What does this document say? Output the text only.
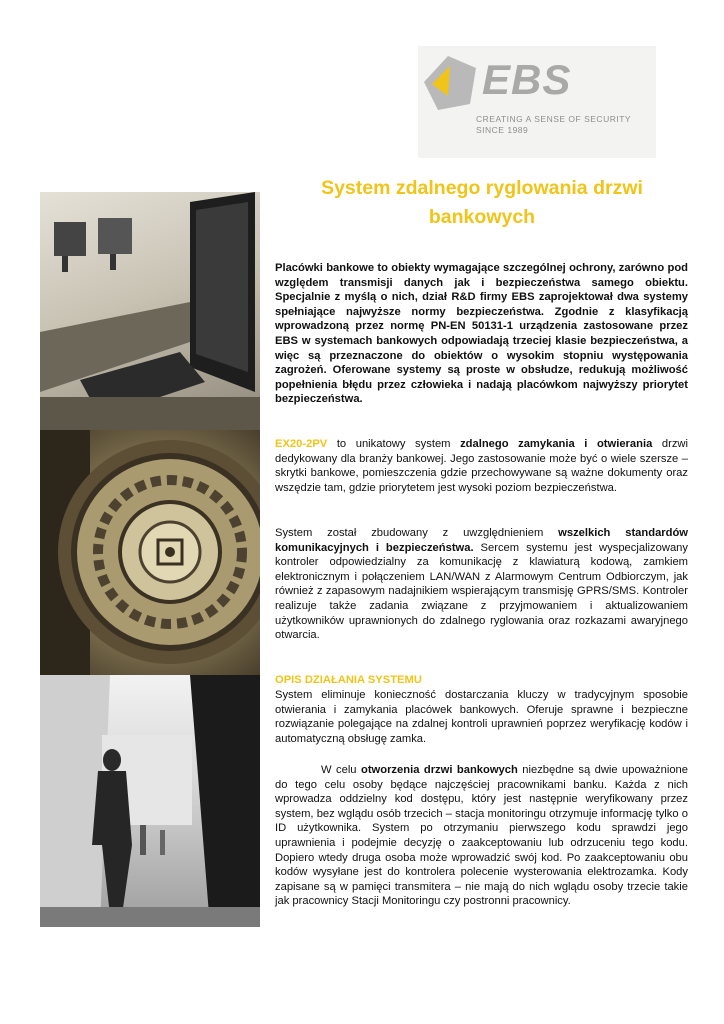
EBS
CREATING A SENSE OF SECURITY
SINCE 1989
System zdalnego ryglowania drzwi bankowych

Placówki bankowe to obiekty wymagające szczególnej ochrony, zarówno pod względem transmisji danych jak i bezpieczeństwa samego obiektu. Specjalnie z myślą o nich, dział R&D firmy EBS zaprojektował dwa systemy spełniające najwyższe normy bezpieczeństwa. Zgodnie z klasyfikacją wprowadzoną przez normę PN-EN 50131-1 urządzenia zastosowane przez EBS w systemach bankowych odpowiadają trzeciej klasie bezpieczeństwa, a więc są przeznaczone do obiektów o wysokim stopniu występowania zagrożeń. Oferowane systemy są proste w obsłudze, redukują możliwość popełnienia błędu przez człowieka i nadają placówkom najwyższy priorytet bezpieczeństwa.

EX20-2PV to unikatowy system zdalnego zamykania i otwierania drzwi dedykowany dla branży bankowej. Jego zastosowanie może być o wiele szersze – skrytki bankowe, pomieszczenia gdzie przechowywane są ważne dokumenty oraz wszędzie tam, gdzie priorytetem jest wysoki poziom bezpieczeństwa.

System został zbudowany z uwzględnieniem wszelkich standardów komunikacyjnych i bezpieczeństwa. Sercem systemu jest wyspecjalizowany kontroler odpowiedzialny za komunikację z klawiaturą kodową, zamkiem elektronicznym i połączeniem LAN/WAN z Alarmowym Centrum Odbiorczym, jak również z zapasowym nadajnikiem wspierającym transmisję GPRS/SMS. Kontroler realizuje także zadania związane z przyjmowaniem i aktualizowaniem użytkowników uprawnionych do zdalnego ryglowania oraz rozkazami awaryjnego otwarcia.

OPIS DZIAŁANIA SYSTEMU

System eliminuje konieczność dostarczania kluczy w tradycyjnym sposobie otwierania i zamykania placówek bankowych. Oferuje sprawne i bezpieczne rozwiązanie polegające na zdalnej kontroli uprawnień poprzez weryfikację kodów i automatyczną obsługę zamka.

W celu otworzenia drzwi bankowych niezbędne są dwie upoważnione do tego celu osoby będące najczęściej pracownikami banku. Każda z nich wprowadza oddzielny kod dostępu, który jest następnie weryfikowany przez system, bez wglądu osób trzecich – stacja monitoringu otrzymuje informację tylko o ID użytkownika. System po otrzymaniu pierwszego kodu sprawdzi jego uprawnienia i podejmie decyzję o zaakceptowaniu lub odrzuceniu tego kodu. Dopiero wtedy druga osoba może wprowadzić swój kod. Po zaakceptowaniu obu kodów wysyłane jest do kontrolera polecenie wysterowania elektrozamka. Kody zapisane są w pamięci transmitera – nie mają do nich wglądu osoby trzecie takie jak pracownicy Stacji Monitoringu czy postronni pracownicy.
